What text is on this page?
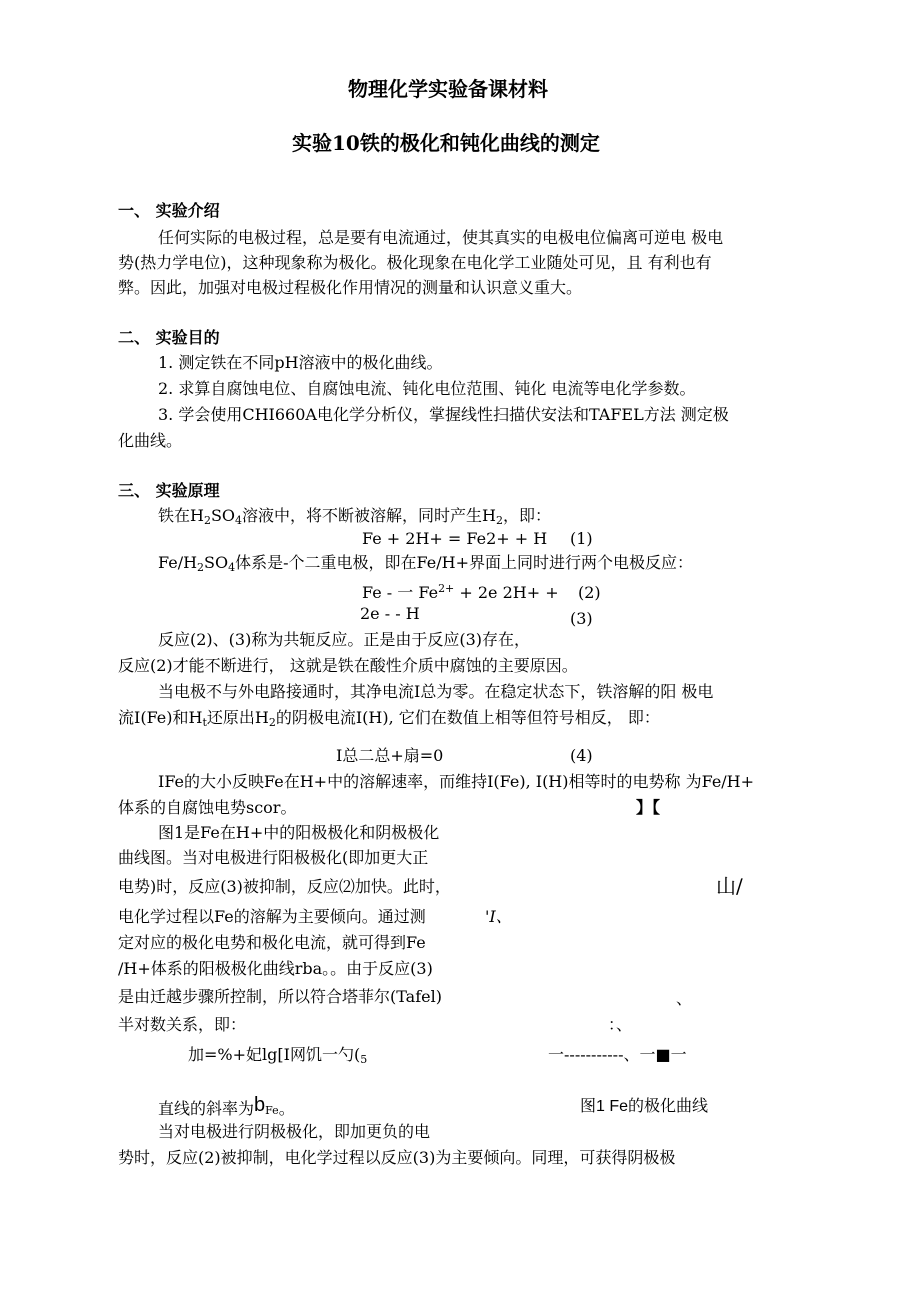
物理化学实验备课材料
实验10铁的极化和钝化曲线的测定
一、 实验介绍
任何实际的电极过程，总是要有电流通过，使其真实的电极电位偏离可逆电 极电
势(热力学电位)，这种现象称为极化。极化现象在电化学工业随处可见，且 有利也有
弊。因此，加强对电极过程极化作用情况的测量和认识意义重大。
二、 实验目的
1. 测定铁在不同pH溶液中的极化曲线。
2. 求算自腐蚀电位、自腐蚀电流、钝化电位范围、钝化 电流等电化学参数。
3. 学会使用CHI660A电化学分析仪，掌握线性扫描伏安法和TAFEL方法 测定极
化曲线。
三、 实验原理
铁在$H_2SO_4$溶液中，将不断被溶解，同时产生$H_2$，即：
Fe + 2H+ = Fe2+ + H (1)
$Fe/H_2SO_4$体系是-个二重电极，即在Fe/H+界面上同时进行两个电极反应：
Fe - 一 $Fe^{2+} + 2e$ 2H+ + (2)
2e - - H	(3)
反应(2)、(3)称为共轭反应。正是由于反应(3)存在，
反应(2)才能不断进行， 这就是铁在酸性介质中腐蚀的主要原因。
当电极不与外电路接通时，其净电流I总为零。在稳定状态下，铁溶解的阳 极电
流I(Fe)和$H_t$还原出$H_2$的阴极电流I(H), 它们在数值上相等但符号相反， 即：
I总二总+扇=0	(4)
IFe的大小反映Fe在H+中的溶解速率，而维持I(Fe), I(H)相等时的电势称 为Fe/H+
体系的自腐蚀电势scor。	】【
图1是Fe在H+中的阳极极化和阴极极化
曲线图。当对电极进行阳极极化(即加更大正
电势)时，反应(3)被抑制，反应⑵加快。此时，	山∕
电化学过程以Fe的溶解为主要倾向。通过测	'I、
定对应的极化电势和极化电流，就可得到Fe
/H+体系的阳极极化曲线rba。。由于反应(3)
是由迁越步骤所控制，所以符合塔菲尔(Tafel)	、
半对数关系，即：	：、
加=%+妃lg[I网饥一勺($_5$	一-----------、一■一
直线的斜率为bFe。	图1 Fe的极化曲线
当对电极进行阴极极化，即加更负的电
势时，反应(2)被抑制，电化学过程以反应(3)为主要倾向。同理，可获得阴极极
